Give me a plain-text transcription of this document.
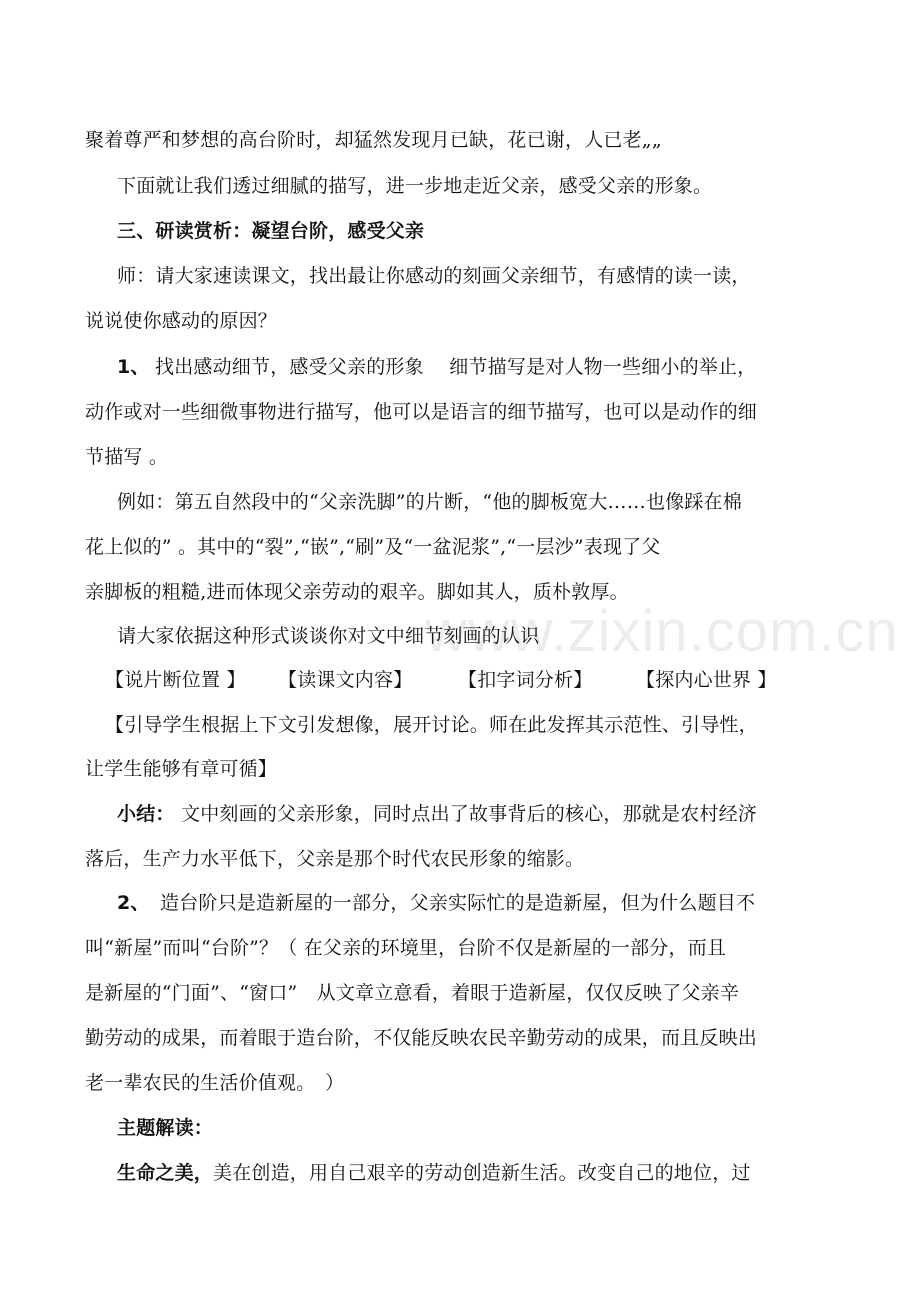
www.zixin.com.cn
聚着尊严和梦想的高台阶时，却猛然发现月已缺，花已谢，人已老„„
下面就让我们透过细腻的描写，进一步地走近父亲，感受父亲的形象。
三、研读赏析：凝望台阶，感受父亲
师：请大家速读课文，找出最让你感动的刻画父亲细节，有感情的读一读，
说说使你感动的原因？
1、 找出感动细节，感受父亲的形象　 细节描写是对人物一些细小的举止，
动作或对一些细微事物进行描写，他可以是语言的细节描写，也可以是动作的细
节描写 。
例如：第五自然段中的“父亲洗脚”的片断，“他的脚板宽大……也像踩在棉
花上似的” 。其中的“裂”,“嵌”,“刷”及“一盆泥浆”,“一层沙”表现了父
亲脚板的粗糙,进而体现父亲劳动的艰辛。脚如其人，质朴敦厚。
请大家依据这种形式谈谈你对文中细节刻画的认识
【说片断位置 】 【读课文内容】 【扣字词分析】 【探内心世界 】
【引导学生根据上下文引发想像，展开讨论。师在此发挥其示范性、引导性，
让学生能够有章可循】
小结： 文中刻画的父亲形象，同时点出了故事背后的核心，那就是农村经济
落后，生产力水平低下，父亲是那个时代农民形象的缩影。
2、 造台阶只是造新屋的一部分，父亲实际忙的是造新屋，但为什么题目不
叫“新屋”而叫“台阶”？（ 在父亲的环境里，台阶不仅是新屋的一部分，而且
是新屋的“门面”、“窗口”　从文章立意看，着眼于造新屋，仅仅反映了父亲辛
勤劳动的成果，而着眼于造台阶，不仅能反映农民辛勤劳动的成果，而且反映出
老一辈农民的生活价值观。　）
主题解读：
生命之美， 美在创造，用自己艰辛的劳动创造新生活。改变自己的地位，过
